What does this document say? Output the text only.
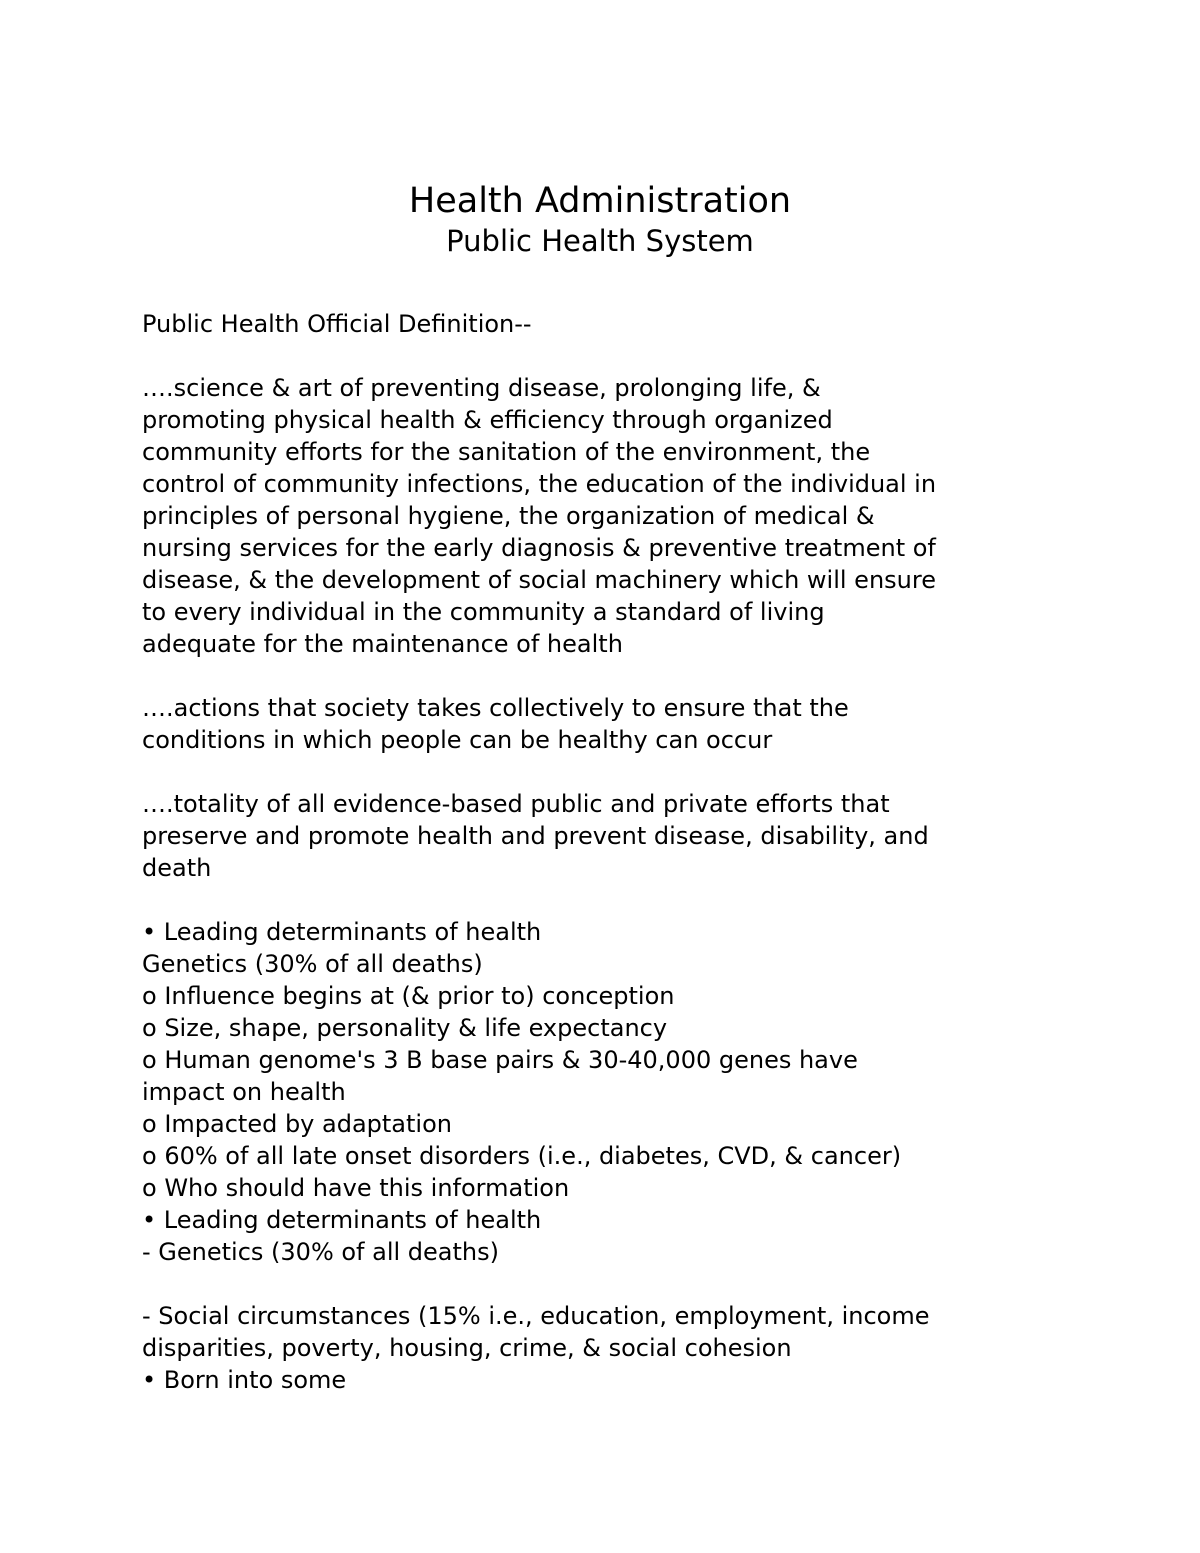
Health Administration
Public Health System
Public Health Official Definition--
….science & art of preventing disease, prolonging life, &
promoting physical health & efficiency through organized
community efforts for the sanitation of the environment, the
control of community infections, the education of the individual in
principles of personal hygiene, the organization of medical &
nursing services for the early diagnosis & preventive treatment of
disease, & the development of social machinery which will ensure
to every individual in the community a standard of living
adequate for the maintenance of health
….actions that society takes collectively to ensure that the
conditions in which people can be healthy can occur
….totality of all evidence-based public and private efforts that
preserve and promote health and prevent disease, disability, and
death
• Leading determinants of health
Genetics (30% of all deaths)
o Influence begins at (& prior to) conception
o Size, shape, personality & life expectancy
o Human genome's 3 B base pairs & 30-40,000 genes have
impact on health
o Impacted by adaptation
o 60% of all late onset disorders (i.e., diabetes, CVD, & cancer)
o Who should have this information
• Leading determinants of health
- Genetics (30% of all deaths)
- Social circumstances (15% i.e., education, employment, income
disparities, poverty, housing, crime, & social cohesion
• Born into some
